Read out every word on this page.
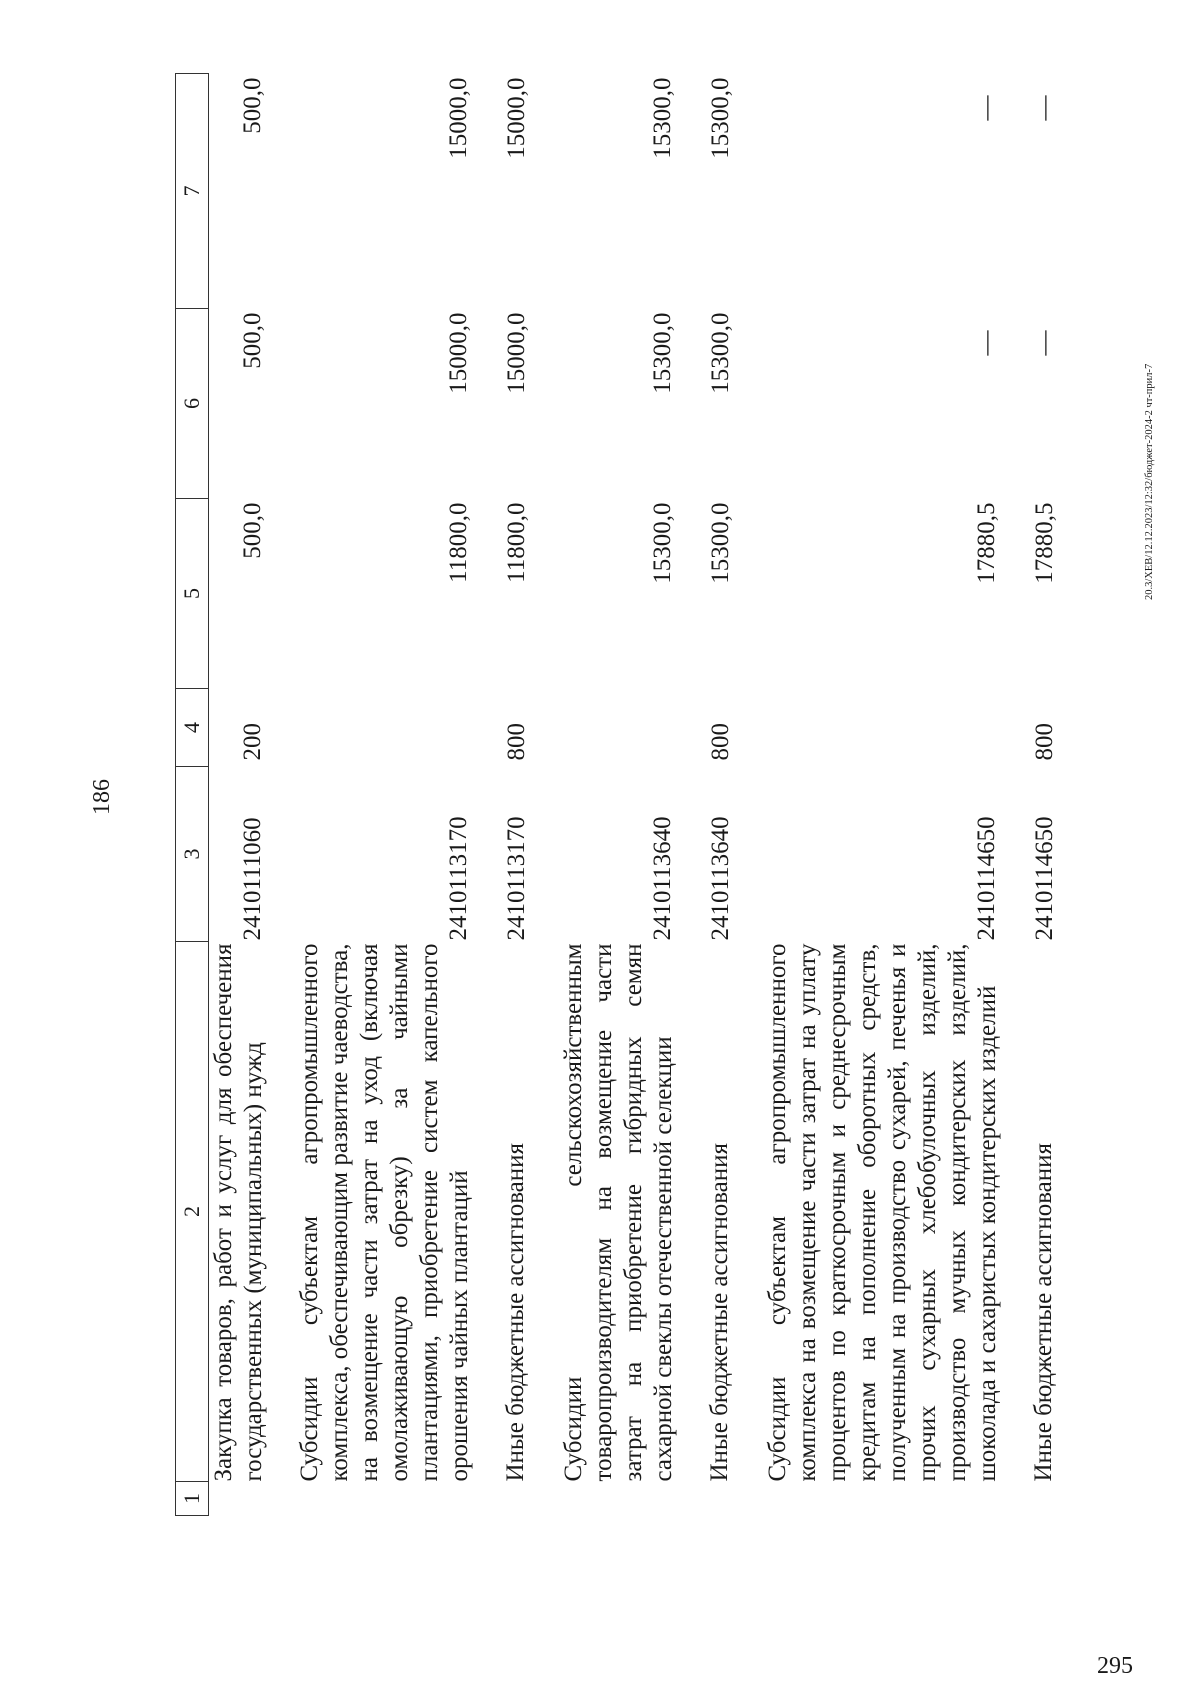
186
1	2	3	4	5	6	7
Закупка товаров, работ и услуг для обеспечения государственных (муниципальных) нужд		2410111060	200	500,0	500,0	500,0

Субсидии субъектам агропромышленного комплекса, обеспечивающим развитие чаеводства, на возмещение части затрат на уход (включая омолаживающую обрезку) за чайными плантациями, приобретение систем капельного орошения чайных плантаций		2410113170		11800,0	15000,0	15000,0

Иные бюджетные ассигнования		2410113170	800	11800,0	15000,0	15000,0

Субсидии сельскохозяйственным товаропроизводителям на возмещение части затрат на приобретение гибридных семян сахарной свеклы отечественной селекции		2410113640		15300,0	15300,0	15300,0

Иные бюджетные ассигнования		2410113640	800	15300,0	15300,0	15300,0

Субсидии субъектам агропромышленного комплекса на возмещение части затрат на уплату процентов по краткосрочным и среднесрочным кредитам на пополнение оборотных средств, полученным на производство сухарей, печенья и прочих сухарных хлебобулочных изделий, производство мучных кондитерских изделий, шоколада и сахаристых кондитерских изделий		2410114650		17880,5	—	—

Иные бюджетные ассигнования		2410114650	800	17880,5	—	—
20.3/ХЕВ/12.12.2023/12:32/бюджет-2024-2 чт-прил-7
295
